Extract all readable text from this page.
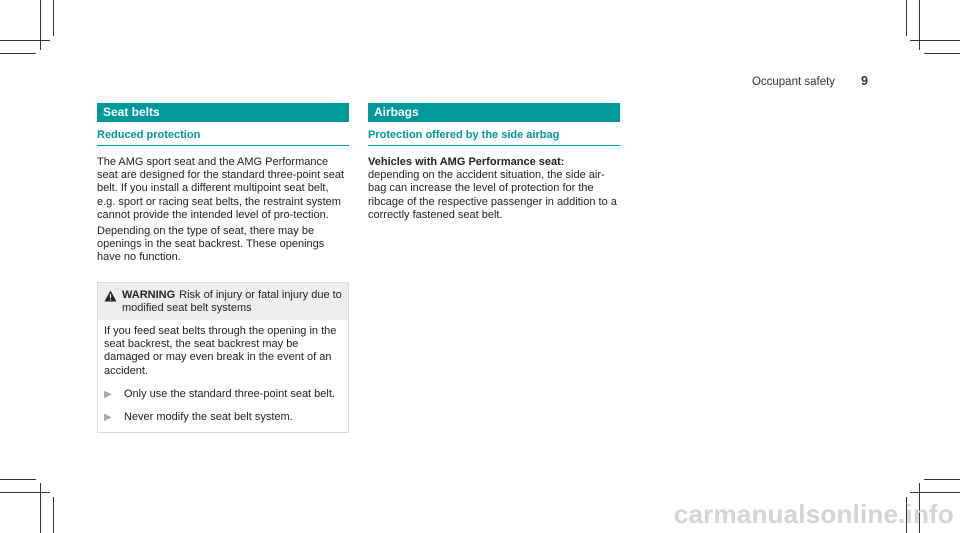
Occupant safety 9
Seat belts
Reduced protection
The AMG sport seat and the AMG Performance seat are designed for the standard three-point seat belt. If you install a different multipoint seat belt, e.g. sport or racing seat belts, the restraint system cannot provide the intended level of pro-tection.
Depending on the type of seat, there may be openings in the seat backrest. These openings have no function.
WARNING Risk of injury or fatal injury due to modified seat belt systems
If you feed seat belts through the opening in the seat backrest, the seat backrest may be damaged or may even break in the event of an accident.
▶	Only use the standard three-point seat belt.
▶	Never modify the seat belt system.
Airbags
Protection offered by the side airbag
Vehicles with AMG Performance seat:
depending on the accident situation, the side air-bag can increase the level of protection for the ribcage of the respective passenger in addition to a correctly fastened seat belt.
carmanualsonline.info
